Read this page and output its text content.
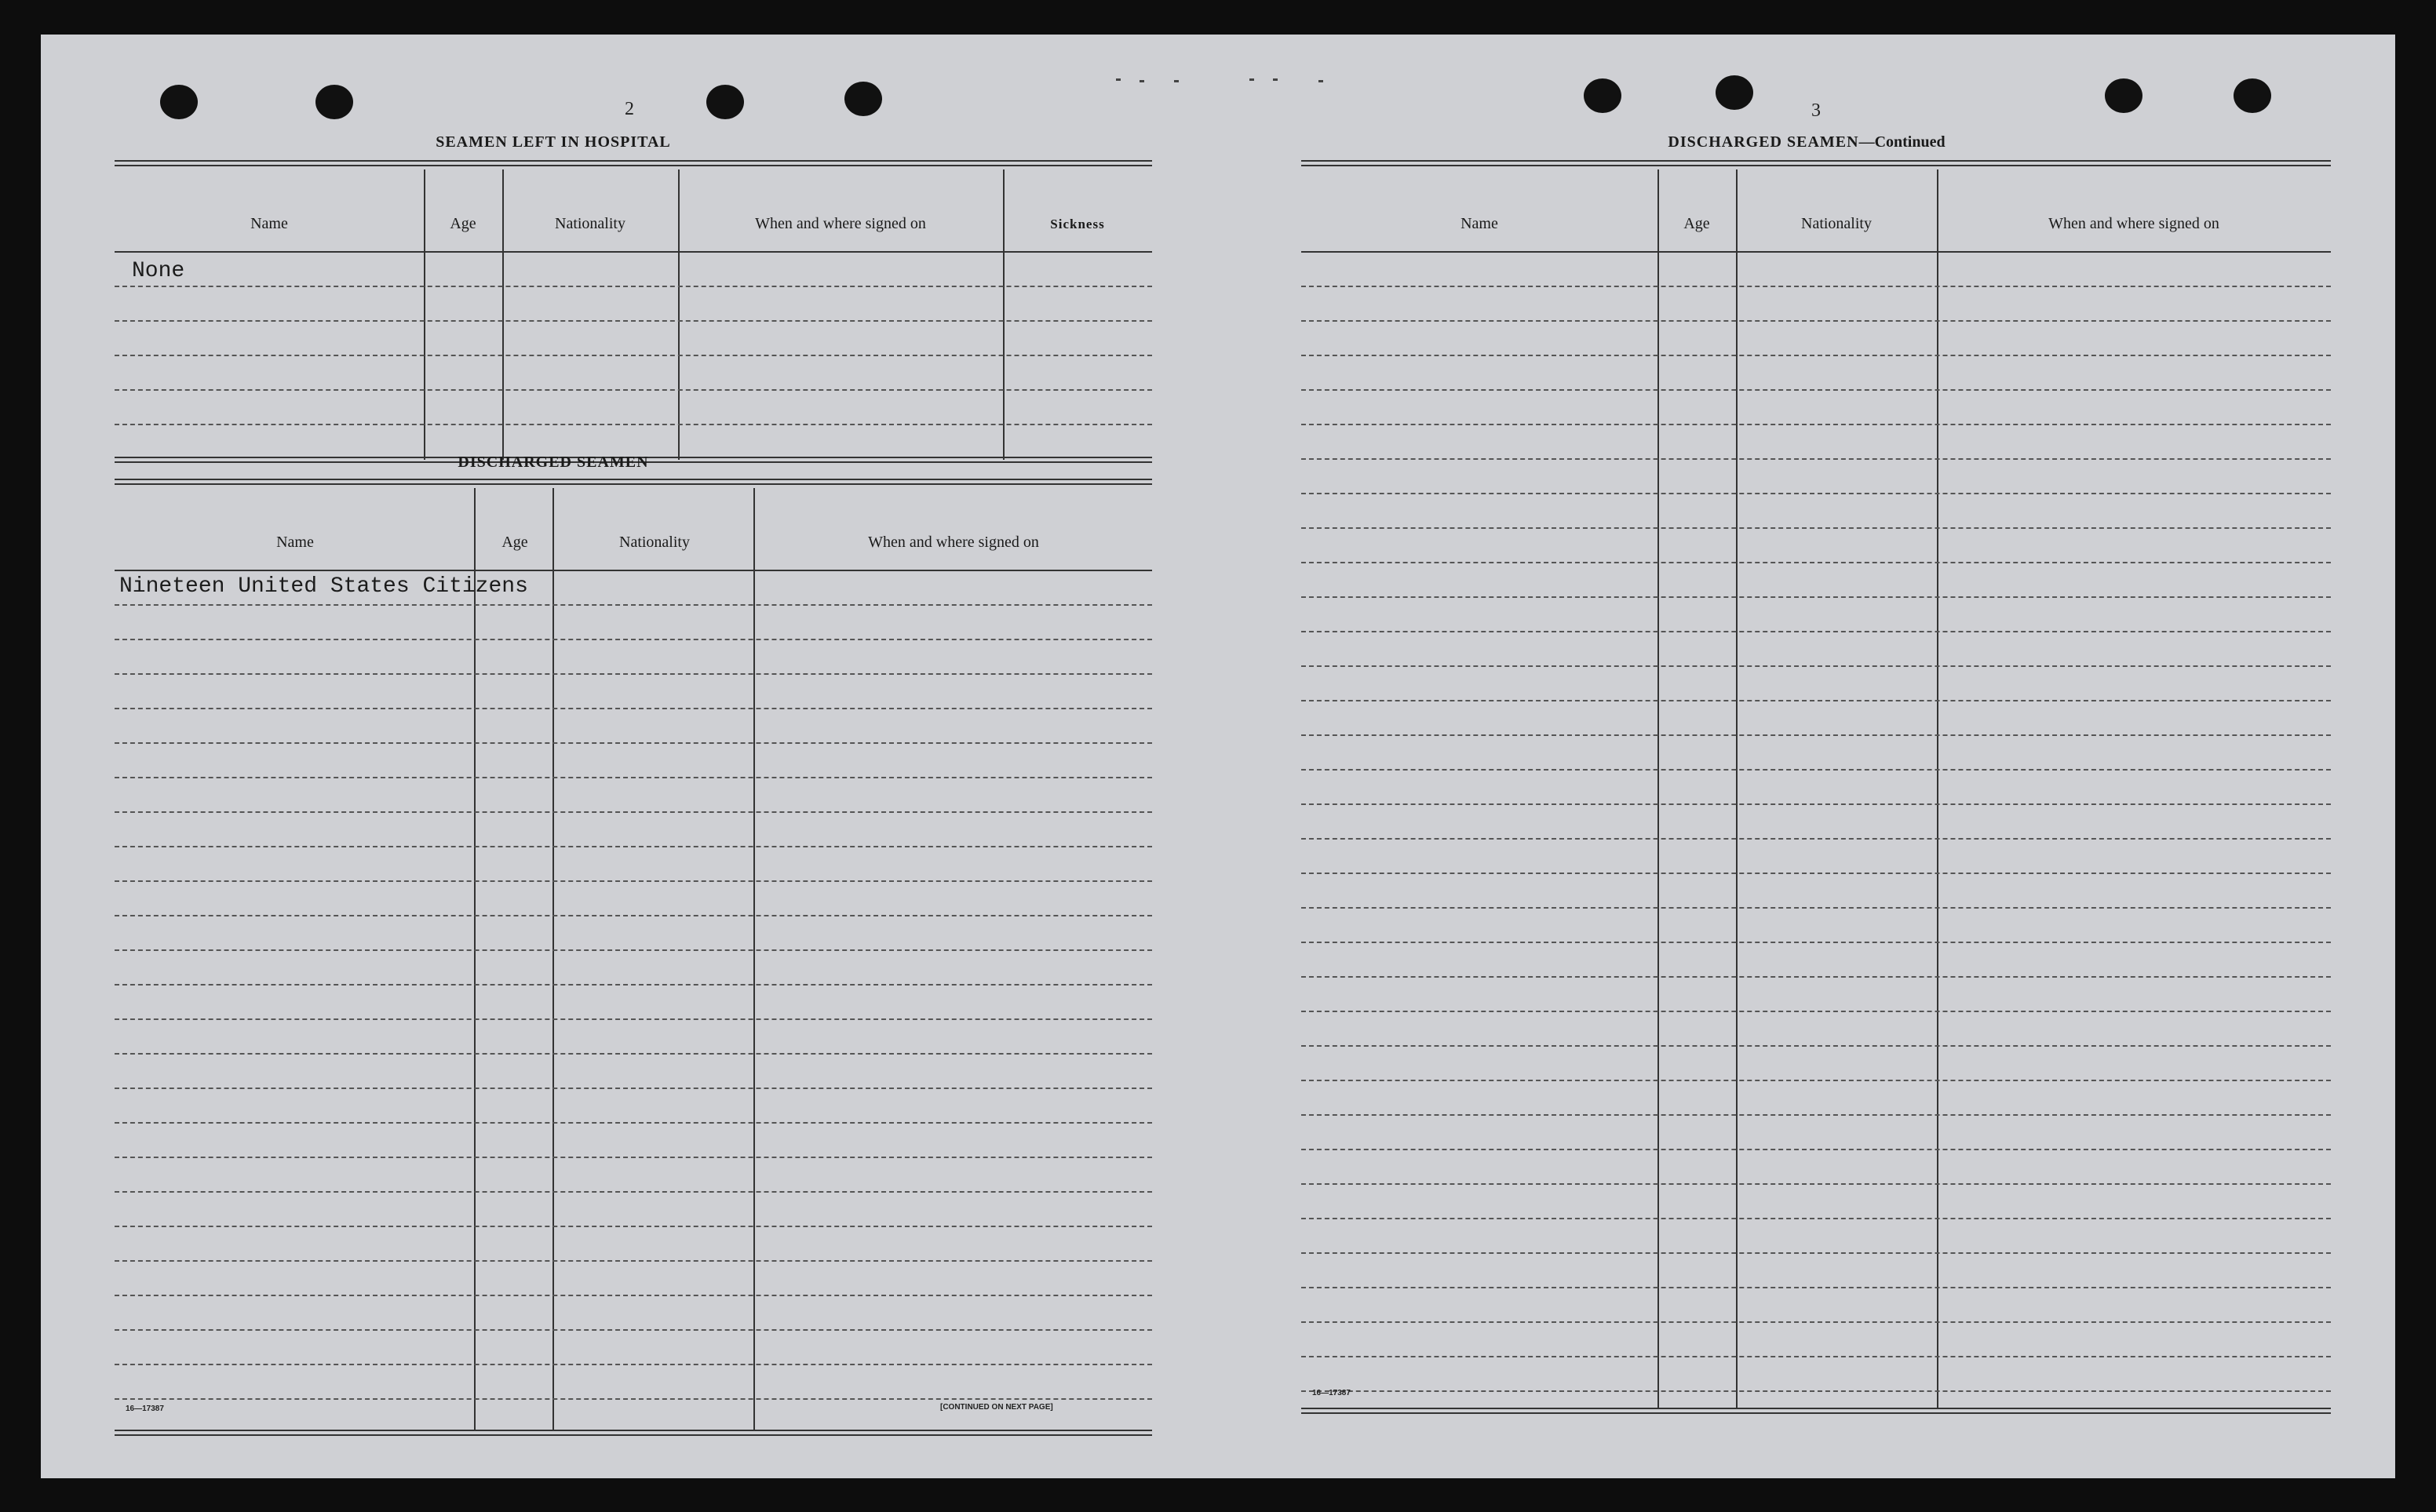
2
SEAMEN LEFT IN HOSPITAL
Name	Age	Nationality	When and where signed on	Sickness
None
DISCHARGED SEAMEN
Name	Age	Nationality	When and where signed on
Nineteen United States Citizens
16—17387	[CONTINUED ON NEXT PAGE]
3
DISCHARGED SEAMEN—Continued
Name	Age	Nationality	When and where signed on
16—17387
